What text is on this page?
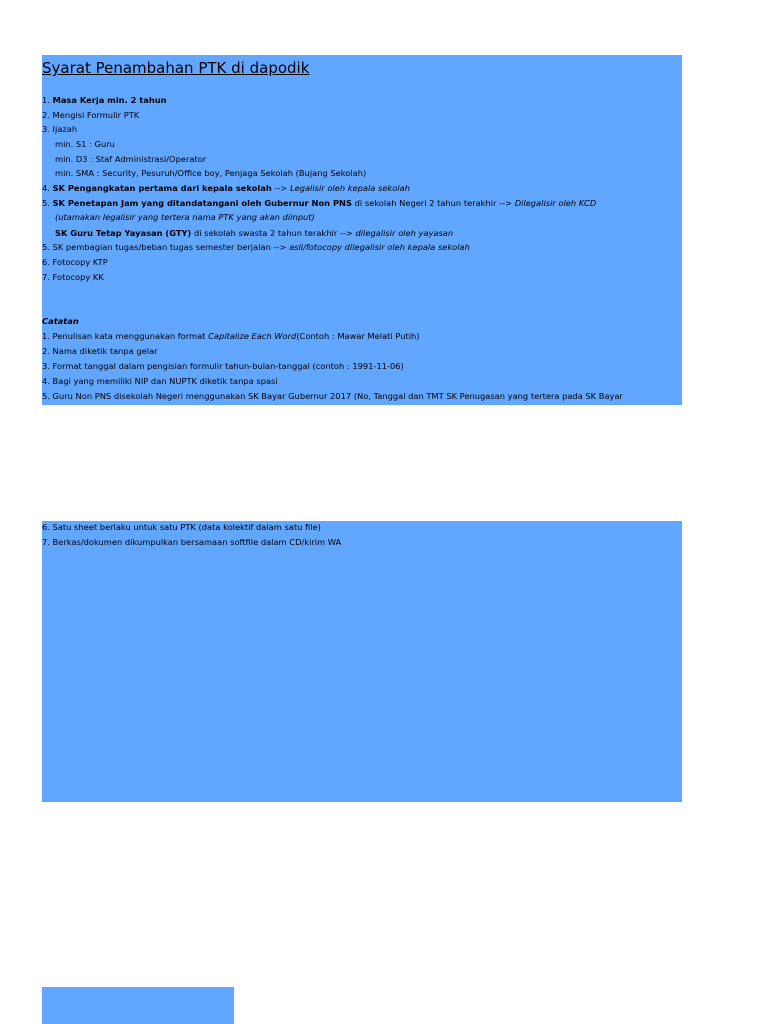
Syarat Penambahan PTK di dapodik

1. Masa Kerja min. 2 tahun

2. Mengisi Formulir PTK

3. Ijazah

min. S1 : Guru

min. D3 : Staf Administrasi/Operator

min. SMA : Security, Pesuruh/Office boy, Penjaga Sekolah (Bujang Sekolah)

4. SK Pengangkatan pertama dari kepala sekolah --> Legalisir oleh kepala sekolah

5. SK Penetapan Jam yang ditandatangani oleh Gubernur Non PNS di sekolah Negeri 2 tahun terakhir --> Dilegalisir oleh KCD

(utamakan legalisir yang tertera nama PTK yang akan diinput)

SK Guru Tetap Yayasan (GTY) di sekolah swasta 2 tahun terakhir --> dilegalisir oleh yayasan

5. SK pembagian tugas/beban tugas semester berjalan --> asli/fotocopy dilegalisir oleh kepala sekolah

6. Fotocopy KTP

7. Fotocopy KK

Catatan

1. Penulisan kata menggunakan format Capitalize Each Word(Contoh : Mawar Melati Putih)

2. Nama diketik tanpa gelar

3. Format tanggal dalam pengisian formulir tahun-bulan-tanggal (contoh : 1991-11-06)

4. Bagi yang memiliki NIP dan NUPTK diketik tanpa spasi

5. Guru Non PNS disekolah Negeri menggunakan SK Bayar Gubernur 2017 (No, Tanggal dan TMT SK Penugasan yang tertera pada SK Bayar

6. Satu sheet berlaku untuk satu PTK (data kolektif dalam satu file)

7. Berkas/dokumen dikumpulkan bersamaan softfile dalam CD/kirim WA
